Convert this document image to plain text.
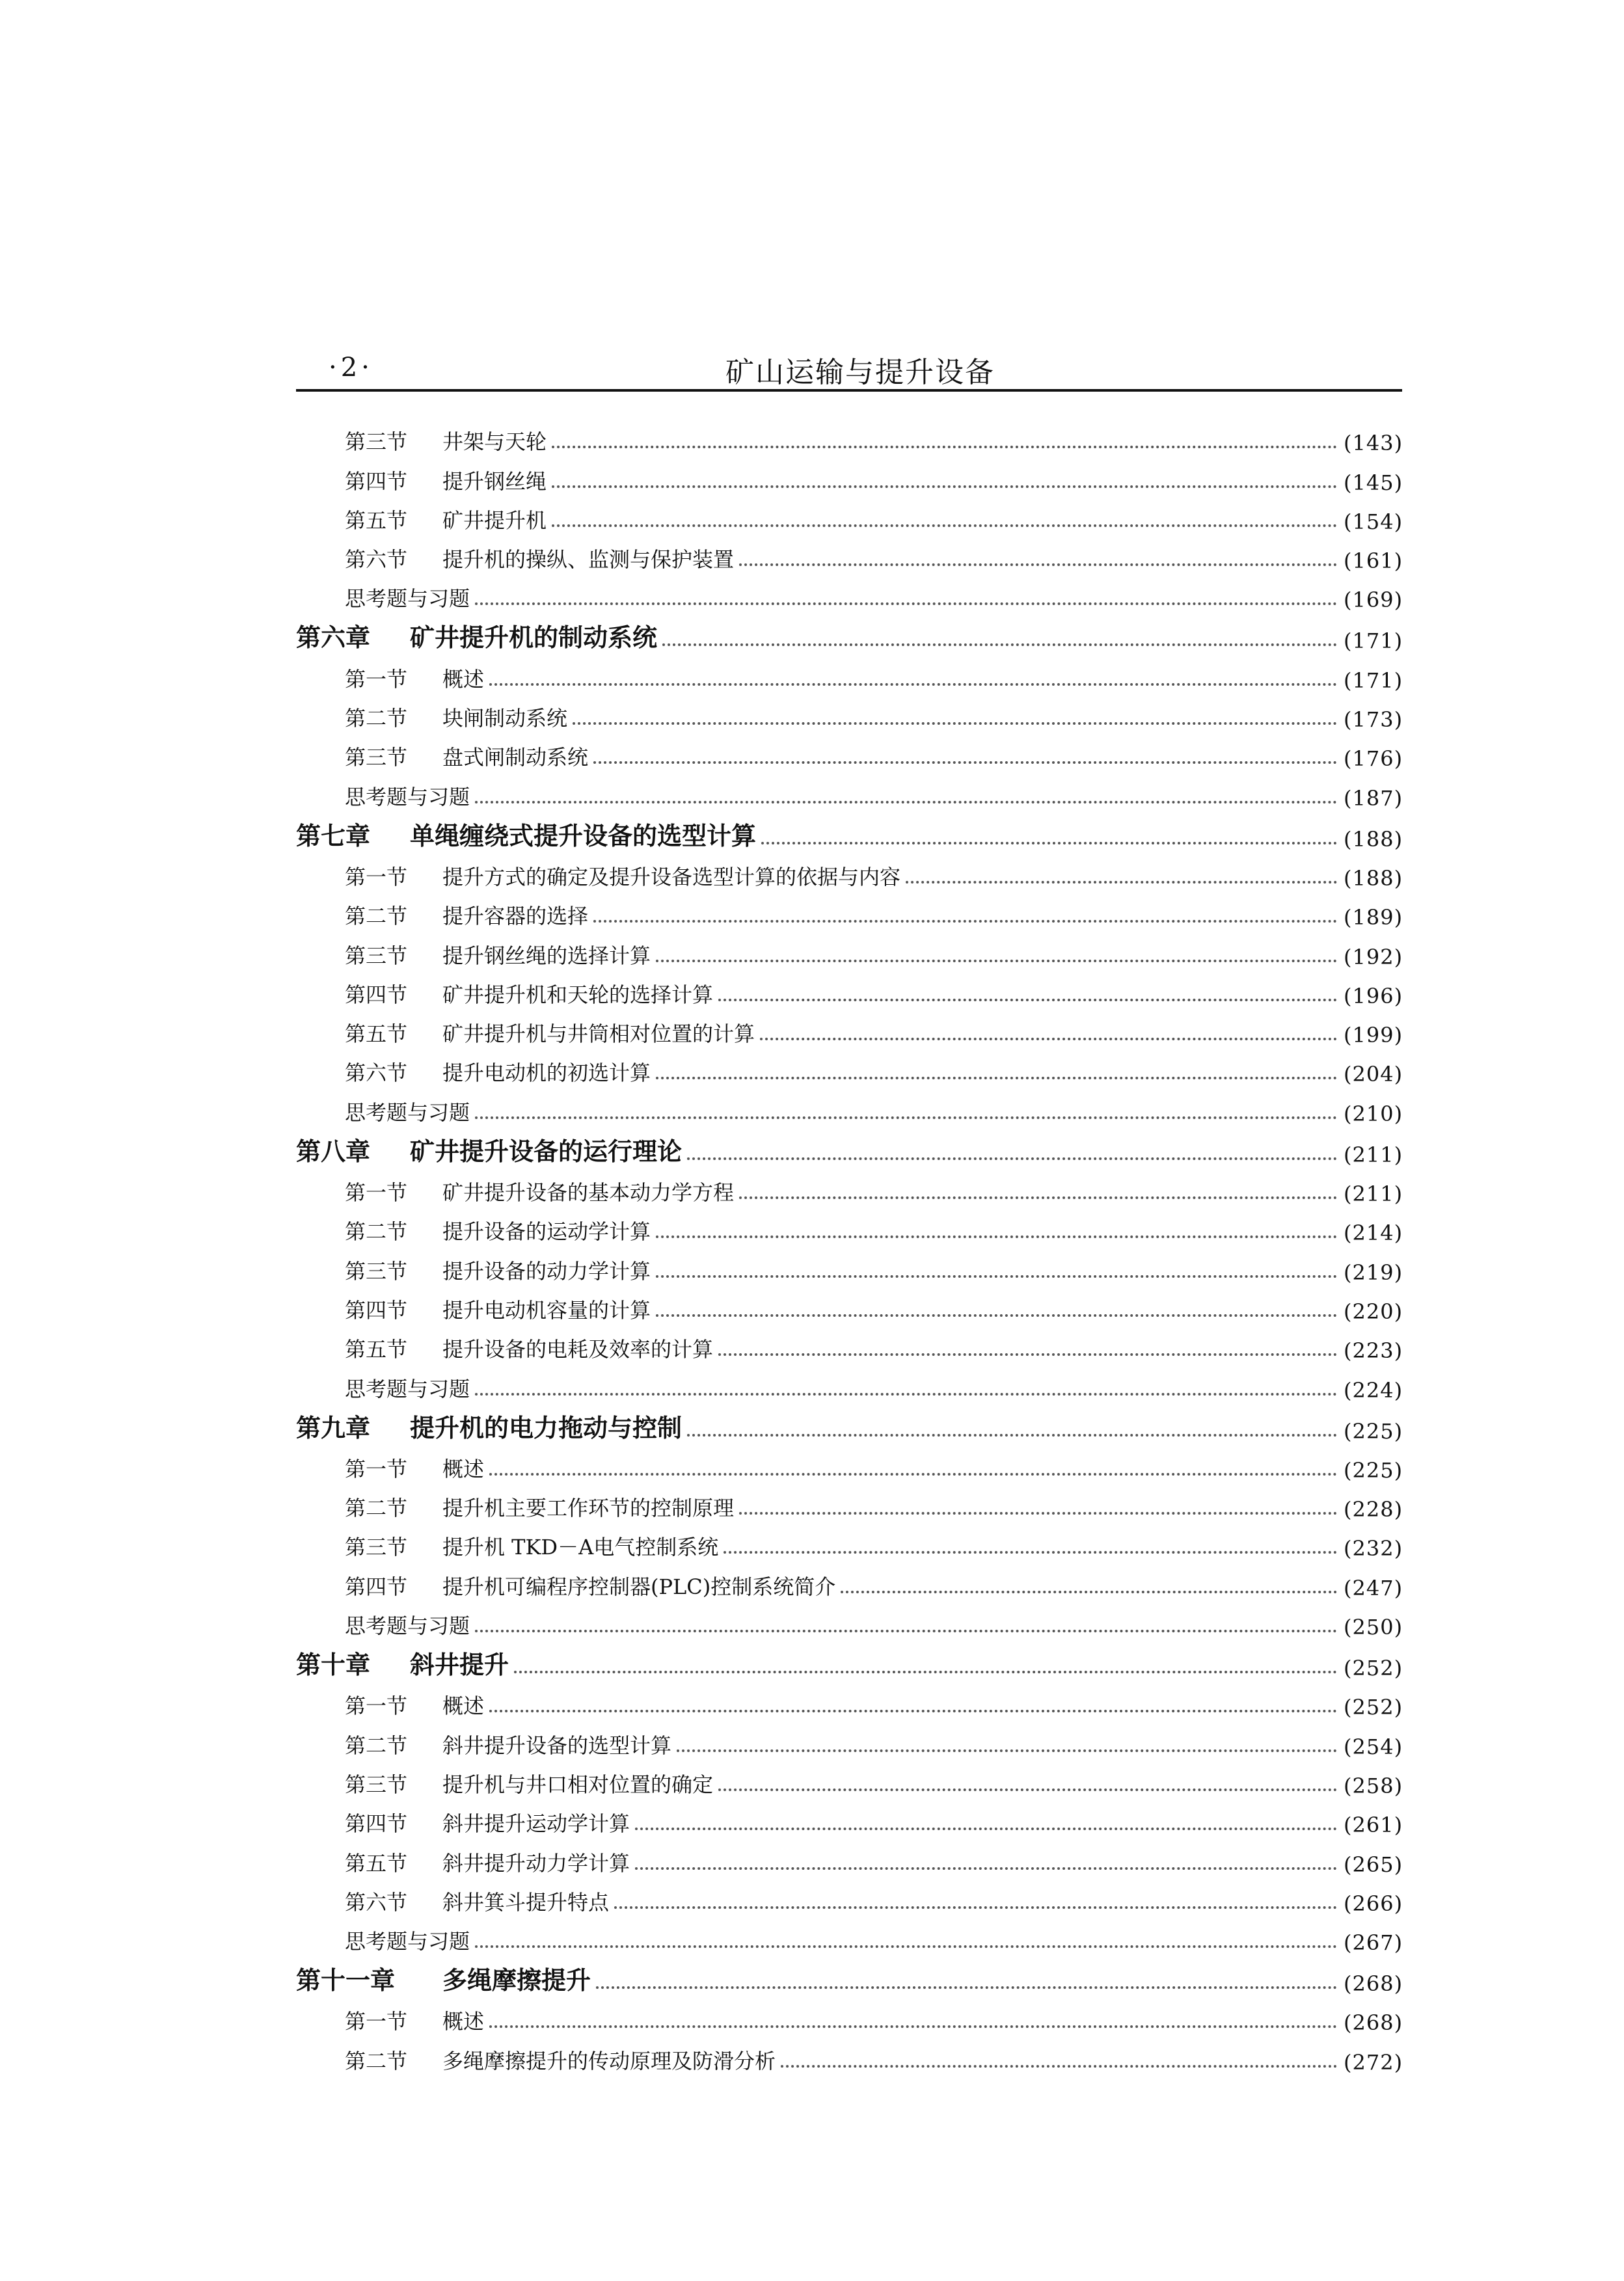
·2·	矿山运输与提升设备
第三节	井架与天轮	(143)
第四节	提升钢丝绳	(145)
第五节	矿井提升机	(154)
第六节	提升机的操纵、监测与保护装置	(161)
思考题与习题	(169)
第六章	矿井提升机的制动系统	(171)
第一节	概述	(171)
第二节	块闸制动系统	(173)
第三节	盘式闸制动系统	(176)
思考题与习题	(187)
第七章	单绳缠绕式提升设备的选型计算	(188)
第一节	提升方式的确定及提升设备选型计算的依据与内容	(188)
第二节	提升容器的选择	(189)
第三节	提升钢丝绳的选择计算	(192)
第四节	矿井提升机和天轮的选择计算	(196)
第五节	矿井提升机与井筒相对位置的计算	(199)
第六节	提升电动机的初选计算	(204)
思考题与习题	(210)
第八章	矿井提升设备的运行理论	(211)
第一节	矿井提升设备的基本动力学方程	(211)
第二节	提升设备的运动学计算	(214)
第三节	提升设备的动力学计算	(219)
第四节	提升电动机容量的计算	(220)
第五节	提升设备的电耗及效率的计算	(223)
思考题与习题	(224)
第九章	提升机的电力拖动与控制	(225)
第一节	概述	(225)
第二节	提升机主要工作环节的控制原理	(228)
第三节	提升机 TKD－A电气控制系统	(232)
第四节	提升机可编程序控制器(PLC)控制系统简介	(247)
思考题与习题	(250)
第十章	斜井提升	(252)
第一节	概述	(252)
第二节	斜井提升设备的选型计算	(254)
第三节	提升机与井口相对位置的确定	(258)
第四节	斜井提升运动学计算	(261)
第五节	斜井提升动力学计算	(265)
第六节	斜井箕斗提升特点	(266)
思考题与习题	(267)
第十一章	多绳摩擦提升	(268)
第一节	概述	(268)
第二节	多绳摩擦提升的传动原理及防滑分析	(272)
